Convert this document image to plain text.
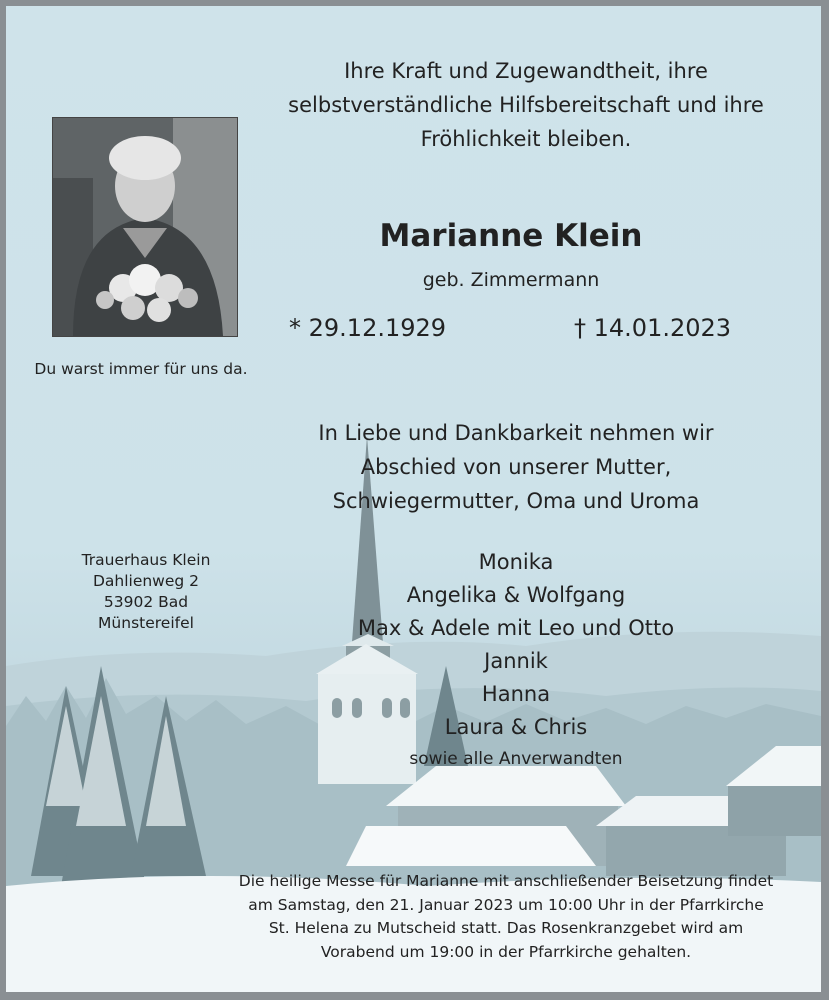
Ihre Kraft und Zugewandtheit, ihre
selbstverständliche Hilfsbereitschaft und ihre
Fröhlichkeit bleiben.
Du warst immer für uns da.
Marianne Klein
geb. Zimmermann
* 29.12.1929	† 14.01.2023
In Liebe und Dankbarkeit nehmen wir
Abschied von unserer Mutter,
Schwiegermutter, Oma und Uroma
Trauerhaus Klein
Dahlienweg 2
53902 Bad Münstereifel
Monika
Angelika & Wolfgang
Max & Adele mit Leo und Otto
Jannik
Hanna
Laura & Chris
sowie alle Anverwandten
Die heilige Messe für Marianne mit anschließender Beisetzung findet
am Samstag, den 21. Januar 2023 um 10:00 Uhr in der Pfarrkirche
St. Helena zu Mutscheid statt. Das Rosenkranzgebet wird am
Vorabend um 19:00 in der Pfarrkirche gehalten.
